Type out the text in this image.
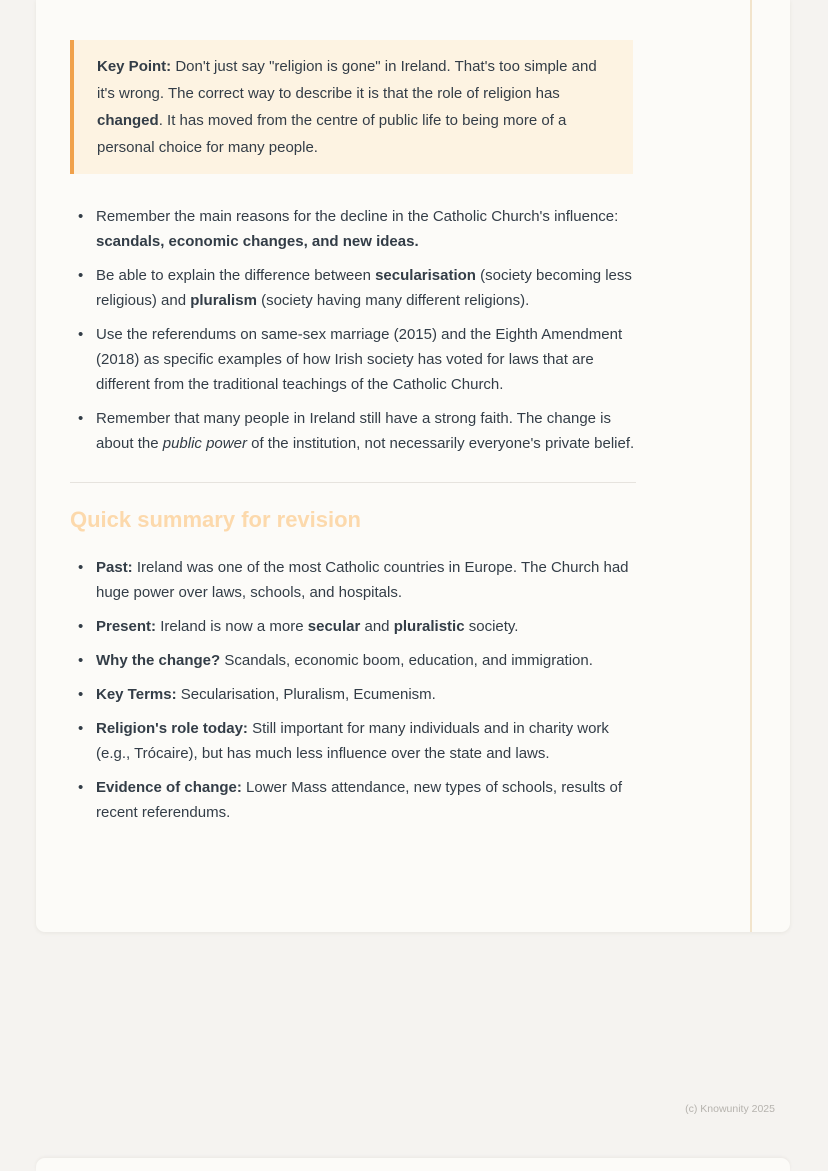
Key Point: Don't just say "religion is gone" in Ireland. That's too simple and it's wrong. The correct way to describe it is that the role of religion has changed. It has moved from the centre of public life to being more of a personal choice for many people.

• Remember the main reasons for the decline in the Catholic Church's influence: scandals, economic changes, and new ideas.
• Be able to explain the difference between secularisation (society becoming less religious) and pluralism (society having many different religions).
• Use the referendums on same-sex marriage (2015) and the Eighth Amendment (2018) as specific examples of how Irish society has voted for laws that are different from the traditional teachings of the Catholic Church.
• Remember that many people in Ireland still have a strong faith. The change is about the public power of the institution, not necessarily everyone's private belief.
Quick summary for revision
• Past: Ireland was one of the most Catholic countries in Europe. The Church had huge power over laws, schools, and hospitals.
• Present: Ireland is now a more secular and pluralistic society.
• Why the change? Scandals, economic boom, education, and immigration.
• Key Terms: Secularisation, Pluralism, Ecumenism.
• Religion's role today: Still important for many individuals and in charity work (e.g., Trócaire), but has much less influence over the state and laws.
• Evidence of change: Lower Mass attendance, new types of schools, results of recent referendums.
(c) Knowunity 2025
